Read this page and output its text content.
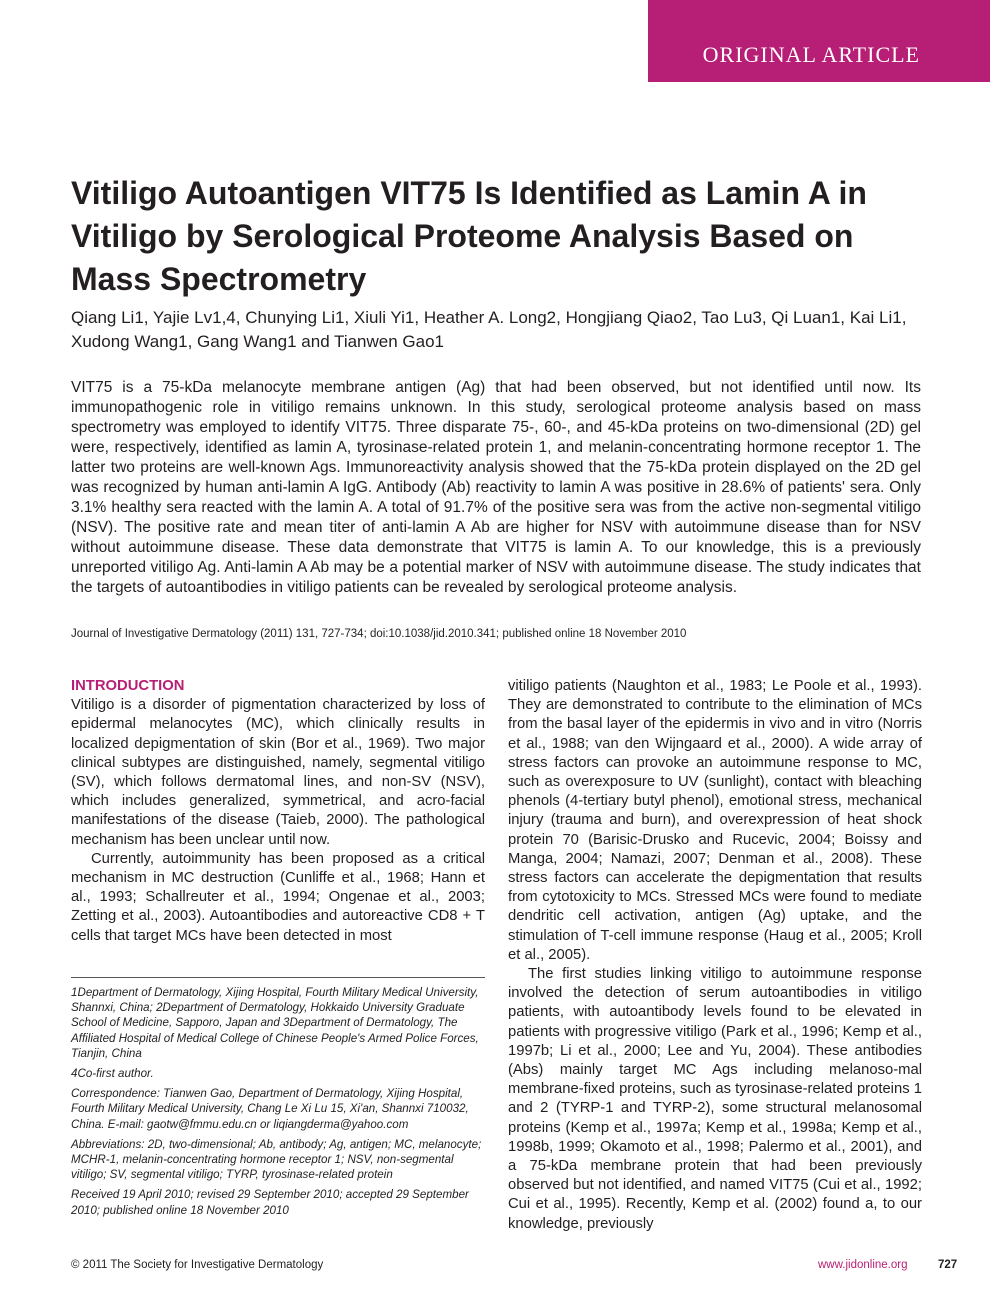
ORIGINAL ARTICLE
Vitiligo Autoantigen VIT75 Is Identified as Lamin A in Vitiligo by Serological Proteome Analysis Based on Mass Spectrometry

Qiang Li1, Yajie Lv1,4, Chunying Li1, Xiuli Yi1, Heather A. Long2, Hongjiang Qiao2, Tao Lu3, Qi Luan1, Kai Li1, Xudong Wang1, Gang Wang1 and Tianwen Gao1

VIT75 is a 75-kDa melanocyte membrane antigen (Ag) that had been observed, but not identified until now. Its immunopathogenic role in vitiligo remains unknown. In this study, serological proteome analysis based on mass spectrometry was employed to identify VIT75. Three disparate 75-, 60-, and 45-kDa proteins on two-dimensional (2D) gel were, respectively, identified as lamin A, tyrosinase-related protein 1, and melanin-concentrating hormone receptor 1. The latter two proteins are well-known Ags. Immunoreactivity analysis showed that the 75-kDa protein displayed on the 2D gel was recognized by human anti-lamin A IgG. Antibody (Ab) reactivity to lamin A was positive in 28.6% of patients' sera. Only 3.1% healthy sera reacted with the lamin A. A total of 91.7% of the positive sera was from the active non-segmental vitiligo (NSV). The positive rate and mean titer of anti-lamin A Ab are higher for NSV with autoimmune disease than for NSV without autoimmune disease. These data demonstrate that VIT75 is lamin A. To our knowledge, this is a previously unreported vitiligo Ag. Anti-lamin A Ab may be a potential marker of NSV with autoimmune disease. The study indicates that the targets of autoantibodies in vitiligo patients can be revealed by serological proteome analysis.

Journal of Investigative Dermatology (2011) 131, 727-734; doi:10.1038/jid.2010.341; published online 18 November 2010

INTRODUCTION

Vitiligo is a disorder of pigmentation characterized by loss of epidermal melanocytes (MC), which clinically results in localized depigmentation of skin (Bor et al., 1969). Two major clinical subtypes are distinguished, namely, segmental vitiligo (SV), which follows dermatomal lines, and non-SV (NSV), which includes generalized, symmetrical, and acro-facial manifestations of the disease (Taieb, 2000). The pathological mechanism has been unclear until now.

Currently, autoimmunity has been proposed as a critical mechanism in MC destruction (Cunliffe et al., 1968; Hann et al., 1993; Schallreuter et al., 1994; Ongenae et al., 2003; Zetting et al., 2003). Autoantibodies and autoreactive CD8 + T cells that target MCs have been detected in most

1Department of Dermatology, Xijing Hospital, Fourth Military Medical University, Shannxi, China; 2Department of Dermatology, Hokkaido University Graduate School of Medicine, Sapporo, Japan and 3Department of Dermatology, The Affiliated Hospital of Medical College of Chinese People's Armed Police Forces, Tianjin, China

4Co-first author.

Correspondence: Tianwen Gao, Department of Dermatology, Xijing Hospital, Fourth Military Medical University, Chang Le Xi Lu 15, Xi'an, Shannxi 710032, China. E-mail: gaotw@fmmu.edu.cn or liqiangderma@yahoo.com

Abbreviations: 2D, two-dimensional; Ab, antibody; Ag, antigen; MC, melanocyte; MCHR-1, melanin-concentrating hormone receptor 1; NSV, non-segmental vitiligo; SV, segmental vitiligo; TYRP, tyrosinase-related protein

Received 19 April 2010; revised 29 September 2010; accepted 29 September 2010; published online 18 November 2010

vitiligo patients (Naughton et al., 1983; Le Poole et al., 1993). They are demonstrated to contribute to the elimination of MCs from the basal layer of the epidermis in vivo and in vitro (Norris et al., 1988; van den Wijngaard et al., 2000). A wide array of stress factors can provoke an autoimmune response to MC, such as overexposure to UV (sunlight), contact with bleaching phenols (4-tertiary butyl phenol), emotional stress, mechanical injury (trauma and burn), and overexpression of heat shock protein 70 (Barisic-Drusko and Rucevic, 2004; Boissy and Manga, 2004; Namazi, 2007; Denman et al., 2008). These stress factors can accelerate the depigmentation that results from cytotoxicity to MCs. Stressed MCs were found to mediate dendritic cell activation, antigen (Ag) uptake, and the stimulation of T-cell immune response (Haug et al., 2005; Kroll et al., 2005).

The first studies linking vitiligo to autoimmune response involved the detection of serum autoantibodies in vitiligo patients, with autoantibody levels found to be elevated in patients with progressive vitiligo (Park et al., 1996; Kemp et al., 1997b; Li et al., 2000; Lee and Yu, 2004). These antibodies (Abs) mainly target MC Ags including melanoso-mal membrane-fixed proteins, such as tyrosinase-related proteins 1 and 2 (TYRP-1 and TYRP-2), some structural melanosomal proteins (Kemp et al., 1997a; Kemp et al., 1998a; Kemp et al., 1998b, 1999; Okamoto et al., 1998; Palermo et al., 2001), and a 75-kDa membrane protein that had been previously observed but not identified, and named VIT75 (Cui et al., 1992; Cui et al., 1995). Recently, Kemp et al. (2002) found a, to our knowledge, previously

© 2011 The Society for Investigative Dermatology	www.jidonline.org	727
